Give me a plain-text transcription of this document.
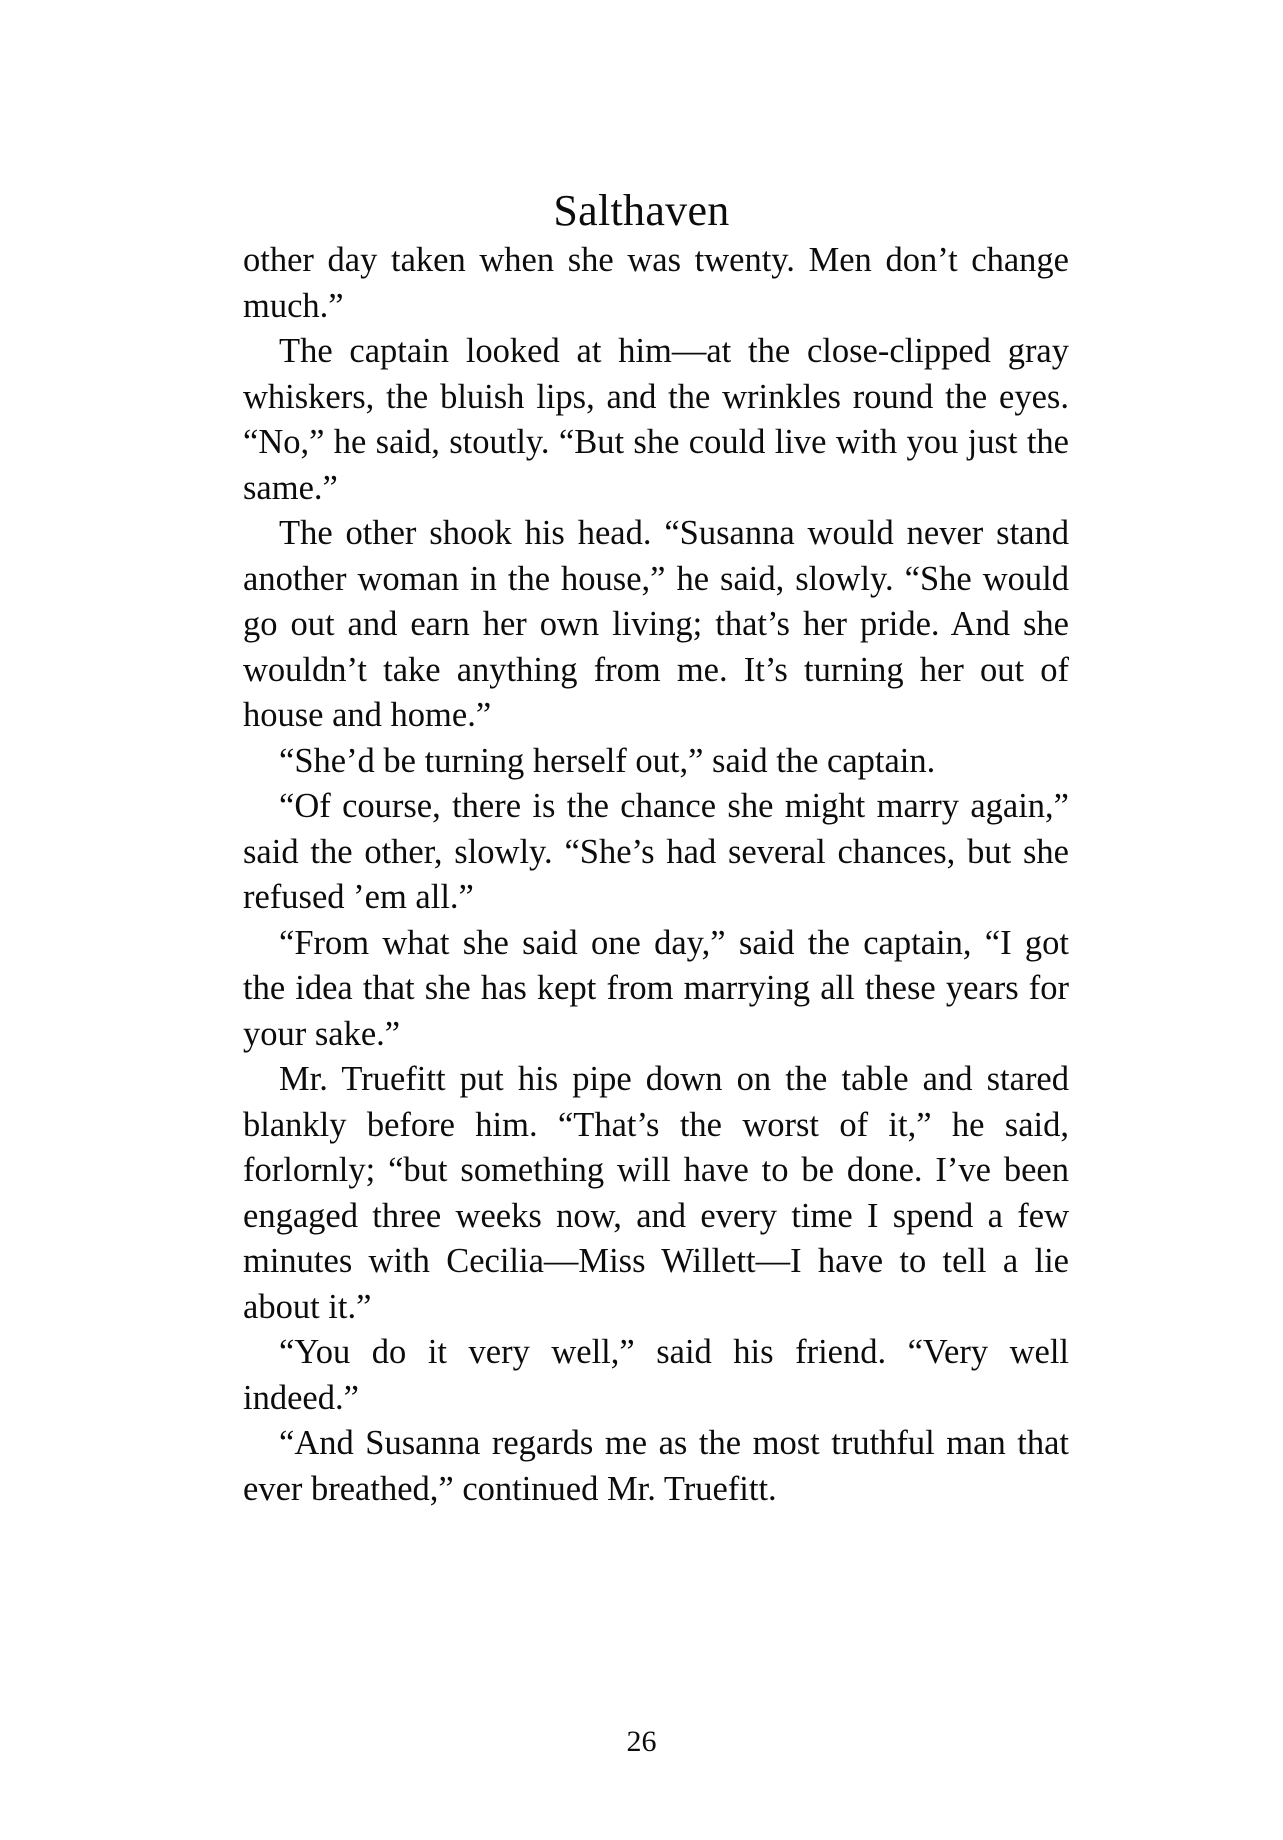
Salthaven

other day taken when she was twenty. Men don’t change much.”

The captain looked at him—at the close-clipped gray whiskers, the bluish lips, and the wrinkles round the eyes. “No,” he said, stoutly. “But she could live with you just the same.”

The other shook his head. “Susanna would never stand another woman in the house,” he said, slowly. “She would go out and earn her own living; that’s her pride. And she wouldn’t take anything from me. It’s turning her out of house and home.”

“She’d be turning herself out,” said the captain.

“Of course, there is the chance she might marry again,” said the other, slowly. “She’s had several chances, but she refused ’em all.”

“From what she said one day,” said the captain, “I got the idea that she has kept from marrying all these years for your sake.”

Mr. Truefitt put his pipe down on the table and stared blankly before him. “That’s the worst of it,” he said, forlornly; “but something will have to be done. I’ve been engaged three weeks now, and every time I spend a few minutes with Cecilia—Miss Willett—I have to tell a lie about it.”

“You do it very well,” said his friend. “Very well indeed.”

“And Susanna regards me as the most truthful man that ever breathed,” continued Mr. Truefitt.

26
